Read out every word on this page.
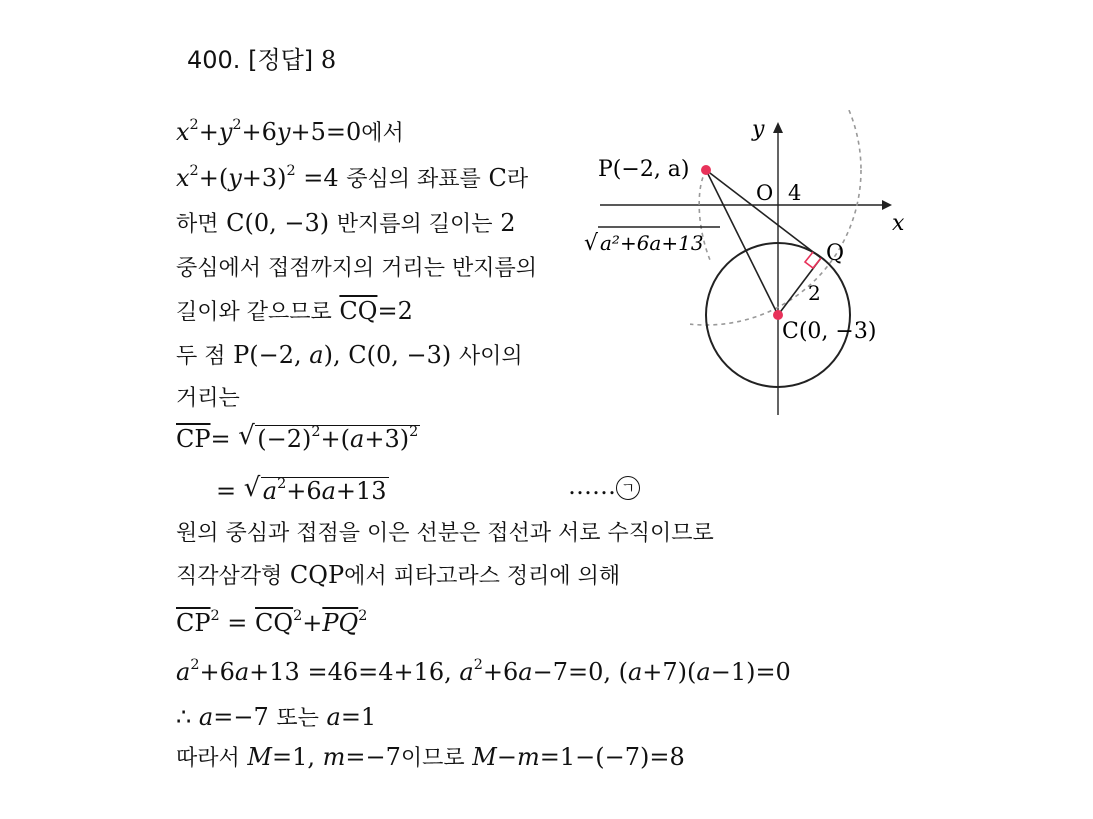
400. [정답] 8
$x^2+y^2+6y+5=0$에서
$x^2+(y+3)^2 =4$ 중심의 좌표를 C라
하면 C(0, −3) 반지름의 길이는 2
중심에서 접점까지의 거리는 반지름의
길이와 같으므로 $\overline{CQ}=2$
두 점 P(−2, a), C(0, −3) 사이의
거리는
$\overline{CP}=$ √ $(-2)^2+(a+3)^2$
= √ $a^2+6a+13$	…… ㄱ
원의 중심과 접점을 이은 선분은 접선과 서로 수직이므로
직각삼각형 CQP에서 피타고라스 정리에 의해
$\overline{CP}^2 = \overline{CQ}^2+\overline{PQ}^2$
$a^2+6a+13 =46=4+16$, $a^2+6a-7=0$, (a+7)(a−1)=0
∴ a=−7 또는 a=1
따라서 M=1, m=−7이므로 M−m=1−(−7)=8
x
y
O 4
P(−2, a)
Q
C(0, −3)
2
√ a²+6a+13
